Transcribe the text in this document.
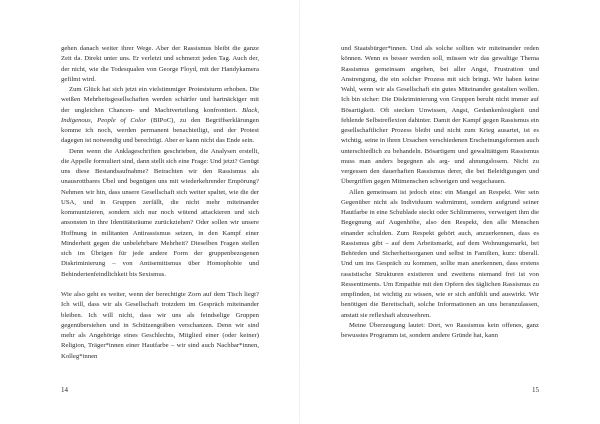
gehen danach weiter ihrer Wege. Aber der Rassismus bleibt die ganze Zeit da. Direkt unter uns. Er verletzt und schmerzt jeden Tag. Auch der, der nicht, wie die Todesqualen von George Floyd, mit der Handykamera gefilmt wird.

Zum Glück hat sich jetzt ein vielstimmiger Proteststurm erhoben. Die weißen Mehrheitsgesellschaften werden schärfer und hartnäckiger mit der ungleichen Chancen- und Machtverteilung konfrontiert. Black, Indigenous, People of Color (BIPoC), zu den Begriffserklärungen komme ich noch, werden permanent benachteiligt, und der Protest dagegen ist notwendig und berechtigt. Aber er kann nicht das Ende sein.

Denn wenn die Anklageschriften geschrieben, die Analysen erstellt, die Appelle formuliert sind, dann stellt sich eine Frage: Und jetzt? Genügt uns diese Bestandsaufnahme? Betrachten wir den Rassismus als unausrottbares Übel und begnügen uns mit wiederkehrender Empörung? Nehmen wir hin, dass unsere Gesellschaft sich weiter spaltet, wie die der USA, und in Gruppen zerfällt, die nicht mehr miteinander kommunizieren, sondern sich nur noch wütend attackieren und sich ansonsten in ihre Identitätsräume zurückziehen? Oder sollen wir unsere Hoffnung in militanten Antirassismus setzen, in den Kampf einer Minderheit gegen die unbelehrbare Mehrheit? Dieselben Fragen stellen sich im Übrigen für jede andere Form der gruppenbezogenen Diskriminierung – von Antisemitismus über Homophobie und Behindertenfeindlichkeit bis Sexismus.

Wie also geht es weiter, wenn der berechtigte Zorn auf dem Tisch liegt? Ich will, dass wir als Gesellschaft trotzdem im Gespräch miteinander bleiben. Ich will nicht, dass wir uns als feindselige Gruppen gegenüberstehen und in Schützengräben verschanzen. Denn wir sind mehr als Angehörige eines Geschlechts, Mitglied einer (oder keiner) Religion, Träger*innen einer Hautfarbe – wir sind auch Nachbar*innen, Kolleg*innen

14

und Staatsbürger*innen. Und als solche sollten wir miteinander reden können. Wenn es besser werden soll, müssen wir das gewaltige Thema Rassismus gemeinsam angehen, bei aller Angst, Frustration und Anstrengung, die ein solcher Prozess mit sich bringt. Wir haben keine Wahl, wenn wir als Gesellschaft ein gutes Miteinander gestalten wollen. Ich bin sicher: Die Diskriminierung von Gruppen beruht nicht immer auf Bösartigkeit. Oft stecken Unwissen, Angst, Gedankenlosigkeit und fehlende Selbstreflexion dahinter. Damit der Kampf gegen Rassismus ein gesellschaftlicher Prozess bleibt und nicht zum Krieg ausartet, ist es wichtig, seine in ihren Ursachen verschiedenen Erscheinungsformen auch unterschiedlich zu behandeln. Bösartigem und gewalttätigem Rassismus muss man anders begegnen als arg- und ahnungslosem. Nicht zu vergessen den dauerhaften Rassismus derer, die bei Beleidigungen und Übergriffen gegen Mitmenschen schweigen und wegschauen.

Allen gemeinsam ist jedoch eins: ein Mangel an Respekt. Wer sein Gegenüber nicht als Individuum wahrnimmt, sondern aufgrund seiner Hautfarbe in eine Schublade steckt oder Schlimmeres, verweigert ihm die Begegnung auf Augenhöhe, also den Respekt, den alle Menschen einander schulden. Zum Respekt gehört auch, anzuerkennen, dass es Rassismus gibt – auf dem Arbeitsmarkt, auf dem Wohnungsmarkt, bei Behörden und Sicherheitsorganen und selbst in Familien, kurz: überall. Und um ins Gespräch zu kommen, sollte man anerkennen, dass erstens rassistische Strukturen existieren und zweitens niemand frei ist von Ressentiments. Um Empathie mit den Opfern des täglichen Rassismus zu empfinden, ist wichtig zu wissen, wie er sich anfühlt und auswirkt. Wir benötigen die Bereitschaft, solche Informationen an uns heranzulassen, anstatt sie reflexhaft abzuwehren.

Meine Überzeugung lautet: Dort, wo Rassismus kein offenes, ganz bewusstes Programm ist, sondern andere Gründe hat, kann

15
